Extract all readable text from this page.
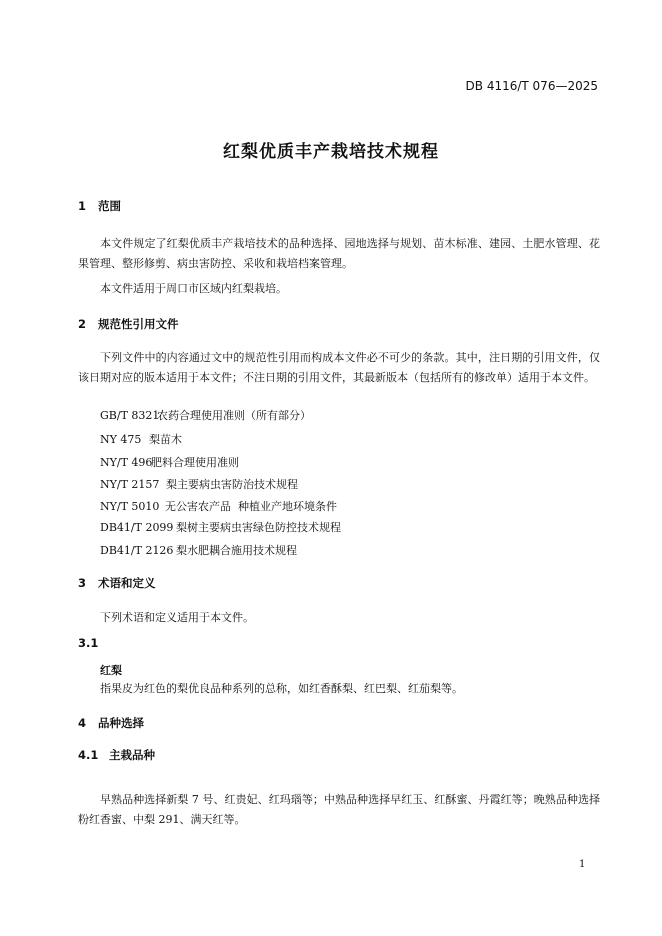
DB 4116/T 076—2025
红梨优质丰产栽培技术规程
1 范围
本文件规定了红梨优质丰产栽培技术的品种选择、园地选择与规划、苗木标准、建园、土肥水管理、花果管理、整形修剪、病虫害防控、采收和栽培档案管理。
本文件适用于周口市区域内红梨栽培。
2 规范性引用文件
下列文件中的内容通过文中的规范性引用而构成本文件必不可少的条款。其中，注日期的引用文件，仅该日期对应的版本适用于本文件；不注日期的引用文件，其最新版本（包括所有的修改单）适用于本文件。
GB/T 8321农药合理使用准则（所有部分）
NY 475 梨苗木
NY/T 496肥料合理使用准则
NY/T 2157 梨主要病虫害防治技术规程
NY/T 5010 无公害农产品  种植业产地环境条件
DB41/T 2099 梨树主要病虫害绿色防控技术规程
DB41/T 2126 梨水肥耦合施用技术规程
3 术语和定义
下列术语和定义适用于本文件。
3.1
红梨
指果皮为红色的梨优良品种系列的总称，如红香酥梨、红巴梨、红茄梨等。
4 品种选择
4.1 主栽品种
早熟品种选择新梨 7 号、红贵妃、红玛瑙等；中熟品种选择早红玉、红酥蜜、丹霞红等；晚熟品种选择粉红香蜜、中梨 291、满天红等。
1
